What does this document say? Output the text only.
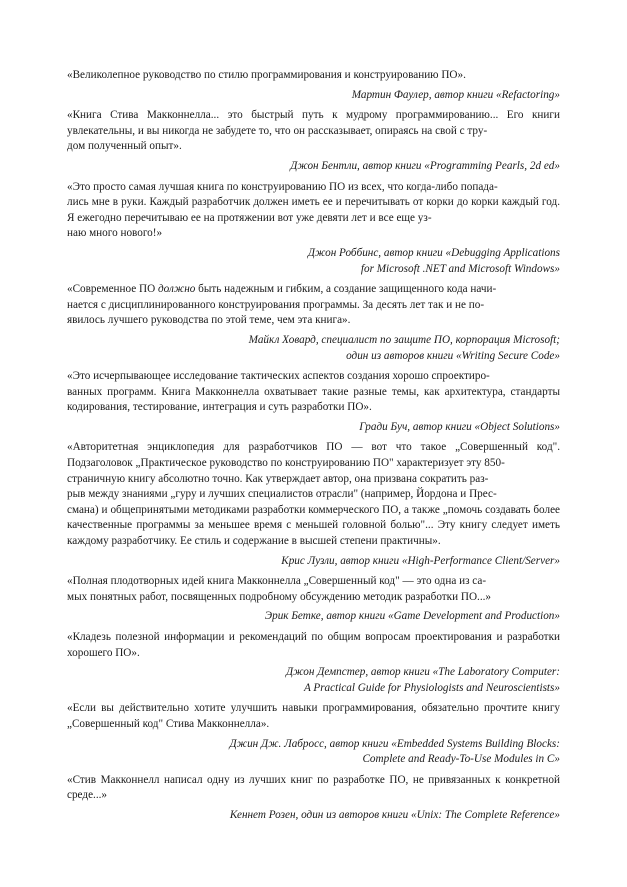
«Великолепное руководство по стилю программирования и конструированию ПО».

Мартин Фаулер, автор книги «Refactoring»

«Книга Стива Макконнелла... это быстрый путь к мудрому программированию... Его книги увлекательны, и вы никогда не забудете то, что он рассказывает, опираясь на свой с тру-
дом полученный опыт».

Джон Бентли, автор книги «Programming Pearls, 2d ed»

«Это просто самая лучшая книга по конструированию ПО из всех, что когда-либо попада-
лись мне в руки. Каждый разработчик должен иметь ее и перечитывать от корки до корки каждый год. Я ежегодно перечитываю ее на протяжении вот уже девяти лет и все еще уз-
наю много нового!»

Джон Роббинс, автор книги «Debugging Applications
for Microsoft .NET and Microsoft Windows»

«Современное ПО должно быть надежным и гибким, а создание защищенного кода начи-
нается с дисциплинированного конструирования программы. За десять лет так и не по-
явилось лучшего руководства по этой теме, чем эта книга».

Майкл Ховард, специалист по защите ПО, корпорация Microsoft;
один из авторов книги «Writing Secure Code»

«Это исчерпывающее исследование тактических аспектов создания хорошо спроектиро-
ванных программ. Книга Макконнелла охватывает такие разные темы, как архитектура, стандарты кодирования, тестирование, интеграция и суть разработки ПО».

Гради Буч, автор книги «Object Solutions»

«Авторитетная энциклопедия для разработчиков ПО — вот что такое „Совершенный код". Подзаголовок „Практическое руководство по конструированию ПО" характеризует эту 850-
страничную книгу абсолютно точно. Как утверждает автор, она призвана сократить раз-
рыв между знаниями „гуру и лучших специалистов отрасли" (например, Йордона и Прес-
смана) и общепринятыми методиками разработки коммерческого ПО, а также „помочь создавать более качественные программы за меньшее время с меньшей головной болью"... Эту книгу следует иметь каждому разработчику. Ее стиль и содержание в высшей степени практичны».

Крис Лузли, автор книги «High-Performance Client/Server»

«Полная плодотворных идей книга Макконнелла „Совершенный код" — это одна из са-
мых понятных работ, посвященных подробному обсуждению методик разработки ПО...»

Эрик Бетке, автор книги «Game Development and Production»

«Кладезь полезной информации и рекомендаций по общим вопросам проектирования и разработки хорошего ПО».

Джон Демпстер, автор книги «The Laboratory Computer:
A Practical Guide for Physiologists and Neuroscientists»

«Если вы действительно хотите улучшить навыки программирования, обязательно прочтите книгу „Совершенный код" Стива Макконнелла».

Джин Дж. Лабросс, автор книги «Embedded Systems Building Blocks:
Complete and Ready-To-Use Modules in C»

«Стив Макконнелл написал одну из лучших книг по разработке ПО, не привязанных к конкретной среде...»

Кеннет Розен, один из авторов книги «Unix: The Complete Reference»
